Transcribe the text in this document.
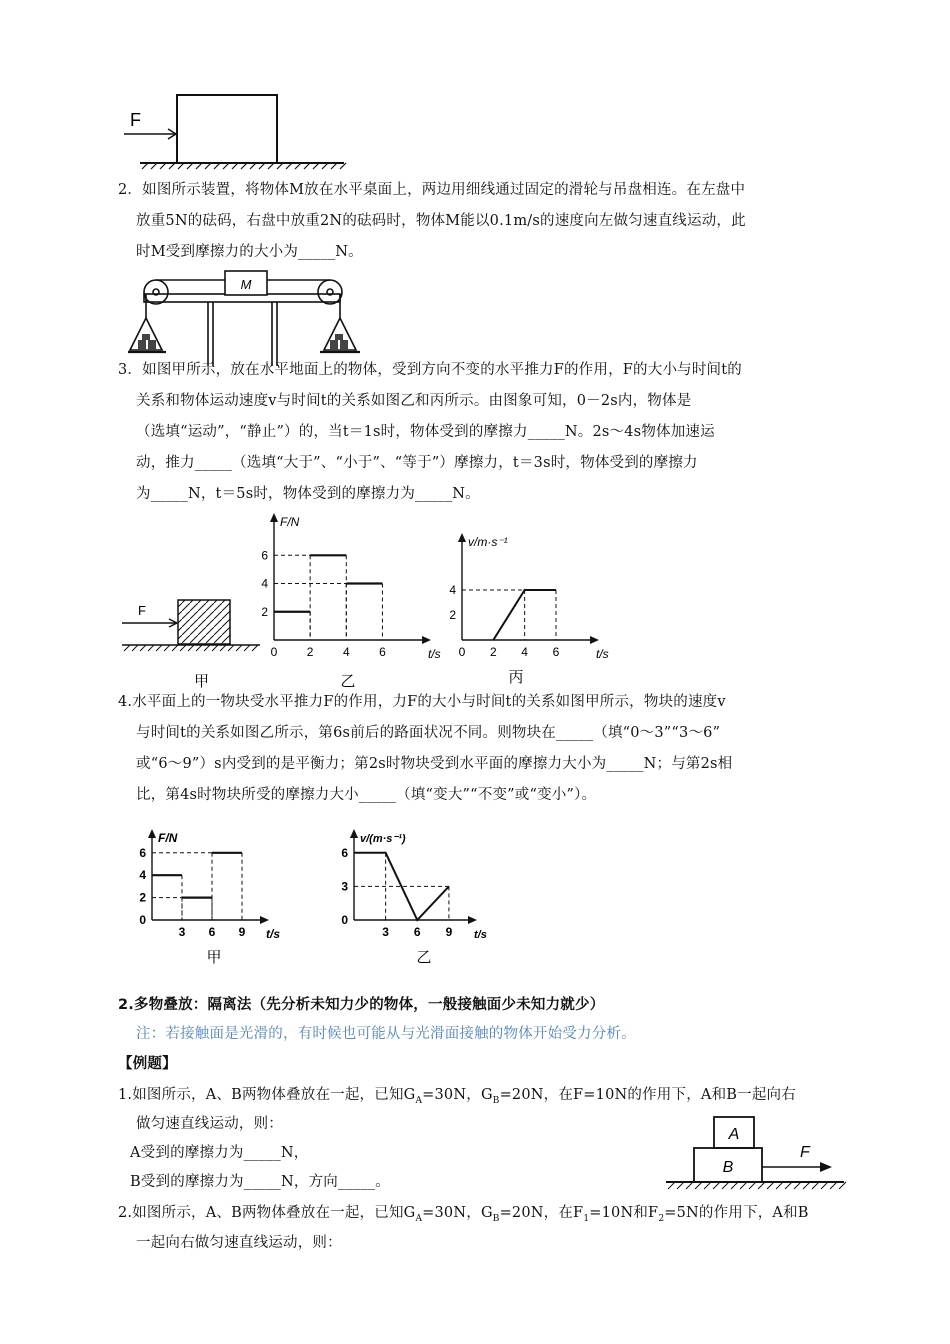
F
2．如图所示装置，将物体M放在水平桌面上，两边用细线通过固定的滑轮与吊盘相连。在左盘中
放重5N的砝码，右盘中放重2N的砝码时，物体M能以0.1m/s的速度向左做匀速直线运动，此
时M受到摩擦力的大小为_____N。
M
3．如图甲所示，放在水平地面上的物体，受到方向不变的水平推力F的作用，F的大小与时间t的
关系和物体运动速度v与时间t的关系如图乙和丙所示。由图象可知，0－2s内，物体是
（选填“运动”，“静止”）的，当t＝1s时，物体受到的摩擦力_____N。2s～4s物体加速运
动，推力_____（选填“大于”、“小于”、“等于”）摩擦力，t＝3s时，物体受到的摩擦力
为_____N，t＝5s时，物体受到的摩擦力为_____N。
F
甲	乙
F/N
t/s
0 2 4 6
2
4
6
丙
v/m·s⁻¹
t/s
0 2 4 6
2
4
4.水平面上的一物块受水平推力F的作用，力F的大小与时间t的关系如图甲所示，物块的速度v
与时间t的关系如图乙所示，第6s前后的路面状况不同。则物块在_____（填“0～3”“3～6”
或“6～9”）s内受到的是平衡力；第2s时物块受到水平面的摩擦力大小为_____N；与第2s相
比，第4s时物块所受的摩擦力大小_____（填“变大”“不变”或“变小”）。
甲
F/N
t/s
3 6 9
0
2
4
6
乙
v/(m·s⁻¹)
t/s
3 6 9
0
3
6
2.多物叠放：隔离法（先分析未知力少的物体，一般接触面少未知力就少）
注：若接触面是光滑的，有时候也可能从与光滑面接触的物体开始受力分析。
【例题】
1.如图所示，A、B两物体叠放在一起，已知$G_A=30N$，$G_B=20N$，在F=10N的作用下，A和B一起向右
做匀速直线运动，则：
A受到的摩擦力为_____N，
B受到的摩擦力为_____N，方向_____。
A
B
F
2.如图所示，A、B两物体叠放在一起，已知$G_A=30N$，$G_B=20N$，在$F_1=10N$和$F_2=5N$的作用下，A和B
一起向右做匀速直线运动，则：
